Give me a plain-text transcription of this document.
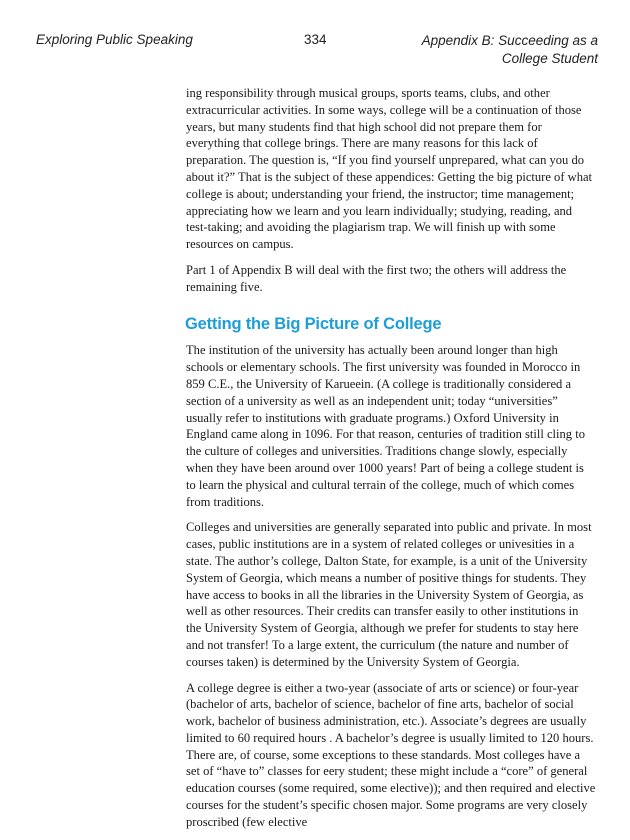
Exploring Public Speaking	334	Appendix B: Succeeding as a
College Student

ing responsibility through musical groups, sports teams, clubs, and other extracurricular activities. In some ways, college will be a continuation of those years, but many students find that high school did not prepare them for everything that college brings. There are many reasons for this lack of preparation. The question is, “If you find yourself unprepared, what can you do about it?” That is the subject of these appendices: Getting the big picture of what college is about; understanding your friend, the instructor; time management; appreciating how we learn and you learn individually; studying, reading, and test-taking; and avoiding the plagiarism trap. We will finish up with some resources on campus.

Part 1 of Appendix B will deal with the first two; the others will address the remaining five.

Getting the Big Picture of College

The institution of the university has actually been around longer than high schools or elementary schools. The first university was founded in Morocco in 859 C.E., the University of Karueein. (A college is traditionally considered a section of a university as well as an independent unit; today “universities” usually refer to institutions with graduate programs.) Oxford University in England came along in 1096. For that reason, centuries of tradition still cling to the culture of colleges and universities. Traditions change slowly, especially when they have been around over 1000 years! Part of being a college student is to learn the physical and cultural terrain of the college, much of which comes from traditions.

Colleges and universities are generally separated into public and private. In most cases, public institutions are in a system of related colleges or univesities in a state. The author’s college, Dalton State, for example, is a unit of the University System of Georgia, which means a number of positive things for students. They have access to books in all the libraries in the University System of Georgia, as well as other resources. Their credits can transfer easily to other institutions in the University System of Georgia, although we prefer for students to stay here and not transfer! To a large extent, the curriculum (the nature and number of courses taken) is determined by the University System of Georgia.

A college degree is either a two-year (associate of arts or science) or four-year (bachelor of arts, bachelor of science, bachelor of fine arts, bachelor of social work, bachelor of business administration, etc.). Associate’s degrees are usually limited to 60 required hours . A bachelor’s degree is usually limited to 120 hours. There are, of course, some exceptions to these standards. Most colleges have a set of “have to” classes for eery student; these might include a “core” of general education courses (some required, some elective)); and then required and elective courses for the student’s specific chosen major. Some programs are very closely proscribed (few elective
